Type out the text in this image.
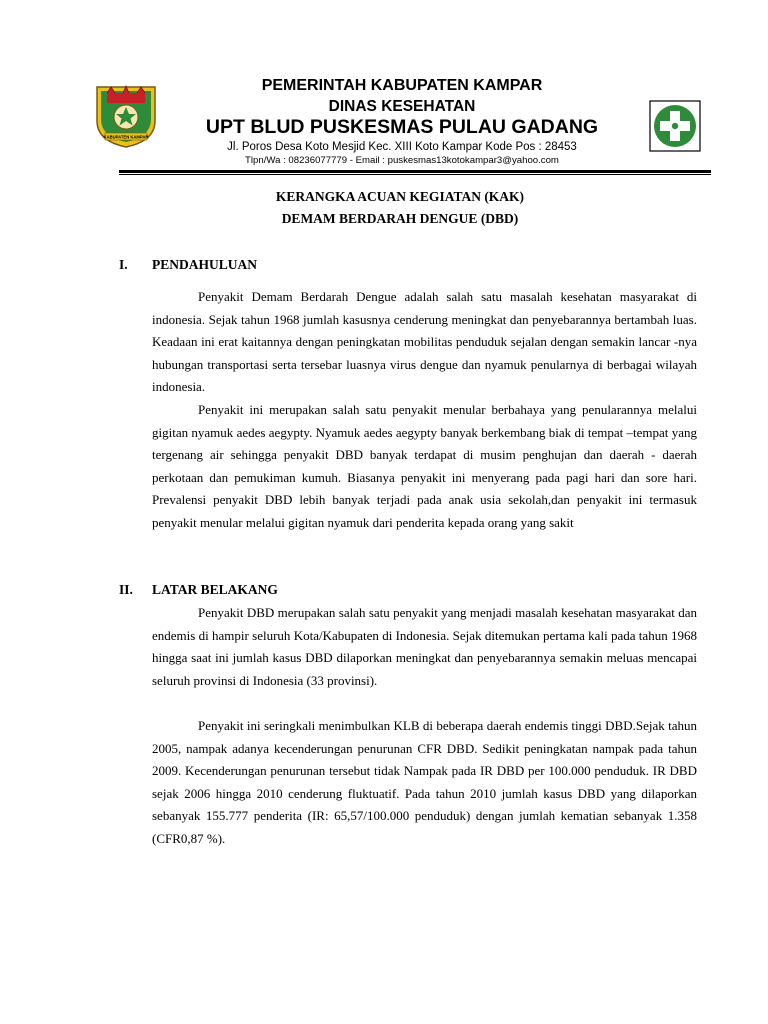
KABUPATEN KAMPAR
PEMERINTAH KABUPATEN KAMPAR
DINAS KESEHATAN
UPT BLUD PUSKESMAS PULAU GADANG
Jl. Poros Desa Koto Mesjid Kec. XIII Koto Kampar Kode Pos : 28453
Tlpn/Wa : 08236077779 - Email : puskesmas13kotokampar3@yahoo.com
KERANGKA ACUAN KEGIATAN (KAK)
DEMAM BERDARAH DENGUE (DBD)
I. PENDAHULUAN
Penyakit Demam Berdarah Dengue adalah salah satu masalah kesehatan masyarakat di indonesia. Sejak tahun 1968 jumlah kasusnya cenderung meningkat dan penyebarannya bertambah luas. Keadaan ini erat kaitannya dengan peningkatan mobilitas penduduk sejalan dengan semakin lancar -nya hubungan transportasi serta tersebar luasnya virus dengue dan nyamuk penularnya di berbagai wilayah indonesia.
Penyakit ini merupakan salah satu penyakit menular berbahaya yang penularannya melalui gigitan nyamuk aedes aegypty. Nyamuk aedes aegypty banyak berkembang biak di tempat –tempat yang tergenang air sehingga penyakit DBD banyak terdapat di musim penghujan dan daerah - daerah perkotaan dan pemukiman kumuh. Biasanya penyakit ini menyerang pada pagi hari dan sore hari. Prevalensi penyakit DBD lebih banyak terjadi pada anak usia sekolah,dan penyakit ini termasuk penyakit menular melalui gigitan nyamuk dari penderita kepada orang yang sakit
II. LATAR BELAKANG
Penyakit DBD merupakan salah satu penyakit yang menjadi masalah kesehatan masyarakat dan endemis di hampir seluruh Kota/Kabupaten di Indonesia. Sejak ditemukan pertama kali pada tahun 1968 hingga saat ini jumlah kasus DBD dilaporkan meningkat dan penyebarannya semakin meluas mencapai seluruh provinsi di Indonesia (33 provinsi).
Penyakit ini seringkali menimbulkan KLB di beberapa daerah endemis tinggi DBD.Sejak tahun 2005, nampak adanya kecenderungan penurunan CFR DBD. Sedikit peningkatan nampak pada tahun 2009. Kecenderungan penurunan tersebut tidak Nampak pada IR DBD per 100.000 penduduk. IR DBD sejak 2006 hingga 2010 cenderung fluktuatif. Pada tahun 2010 jumlah kasus DBD yang dilaporkan sebanyak 155.777 penderita (IR: 65,57/100.000 penduduk) dengan jumlah kematian sebanyak 1.358 (CFR0,87 %).
